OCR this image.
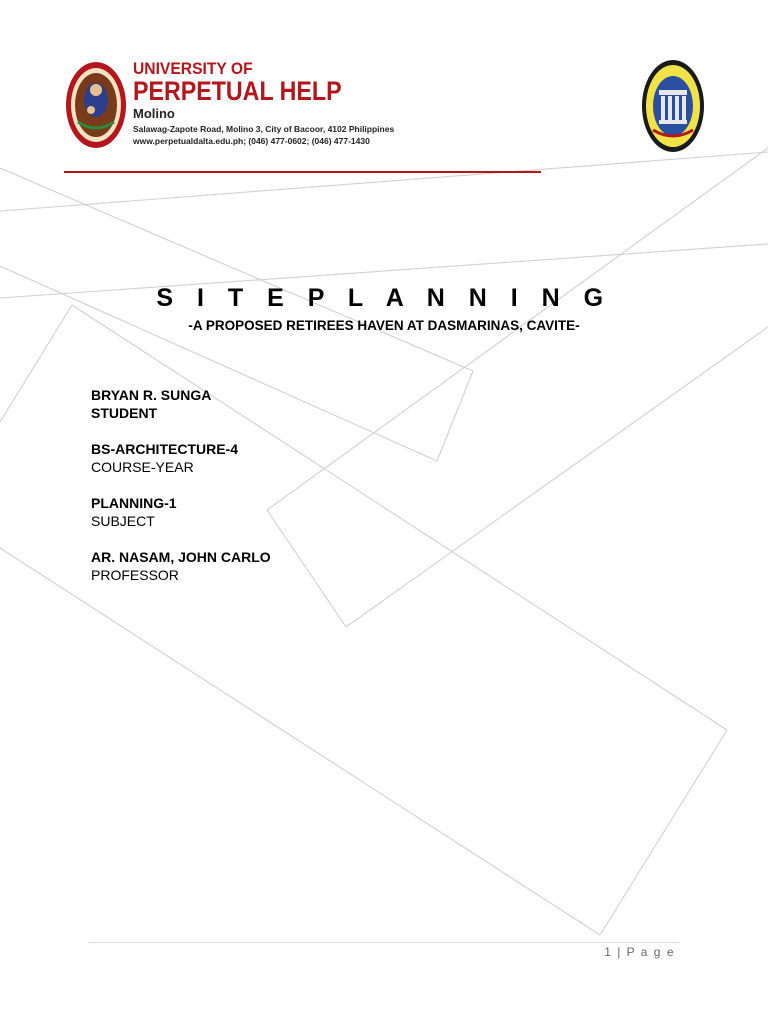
UNIVERSITY OF
PERPETUAL HELP
Molino
Salawag-Zapote Road, Molino 3, City of Bacoor, 4102 Philippines
www.perpetualdalta.edu.ph; (046) 477-0602; (046) 477-1430
S I T E P L A N N I N G
-A PROPOSED RETIREES HAVEN AT DASMARINAS, CAVITE-
BRYAN R. SUNGA
STUDENT
BS-ARCHITECTURE-4
COURSE-YEAR
PLANNING-1
SUBJECT
AR. NASAM, JOHN CARLO
PROFESSOR
1 | P a g e
